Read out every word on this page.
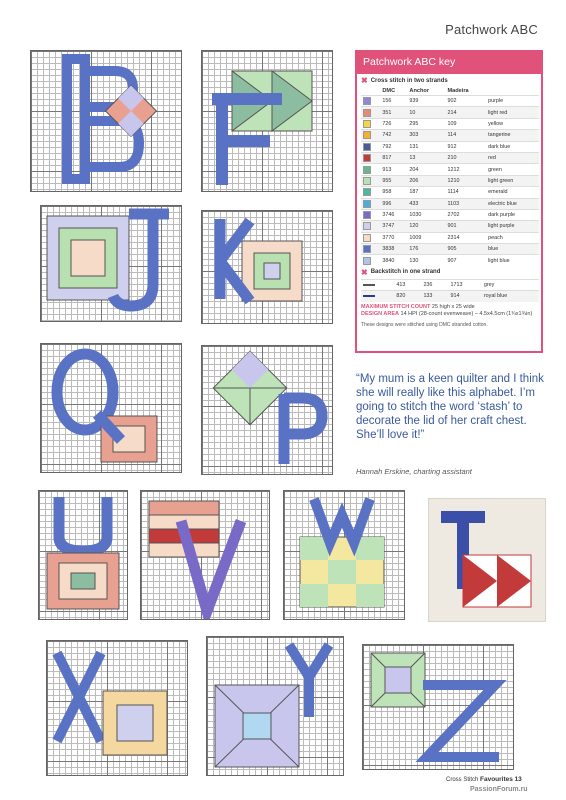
Patchwork ABC
Patchwork ABC key
✖ Cross stitch in two strands
	DMC	Anchor	Madeira	
	156	939	902	purple
	351	10	214	light red
	726	295	109	yellow
	742	303	114	tangerine
	792	131	912	dark blue
	817	13	210	red
	913	204	1212	green
	955	206	1210	light green
	958	187	1114	emerald
	996	433	1103	electric blue
	3746	1030	2702	dark purple
	3747	120	901	light purple
	3770	1009	2314	peach
	3838	176	905	blue
	3840	130	907	light blue
✖ Backstitch in one strand
	413	236	1713	grey
	820	133	914	royal blue
MAXIMUM STITCH COUNT 25 high x 25 wide
DESIGN AREA 14 HPI (28-count evenweave) – 4.5x4.5cm (1¾x1¾in)
These designs were stitched using DMC stranded cotton.
“My mum is a keen quilter and I think she will really like this alphabet. I’m going to stitch the word ‘stash’ to decorate the lid of her craft chest. She’ll love it!”
Hannah Erskine, charting assistant
Cross Stitch Favourites 13
PassionForum.ru
